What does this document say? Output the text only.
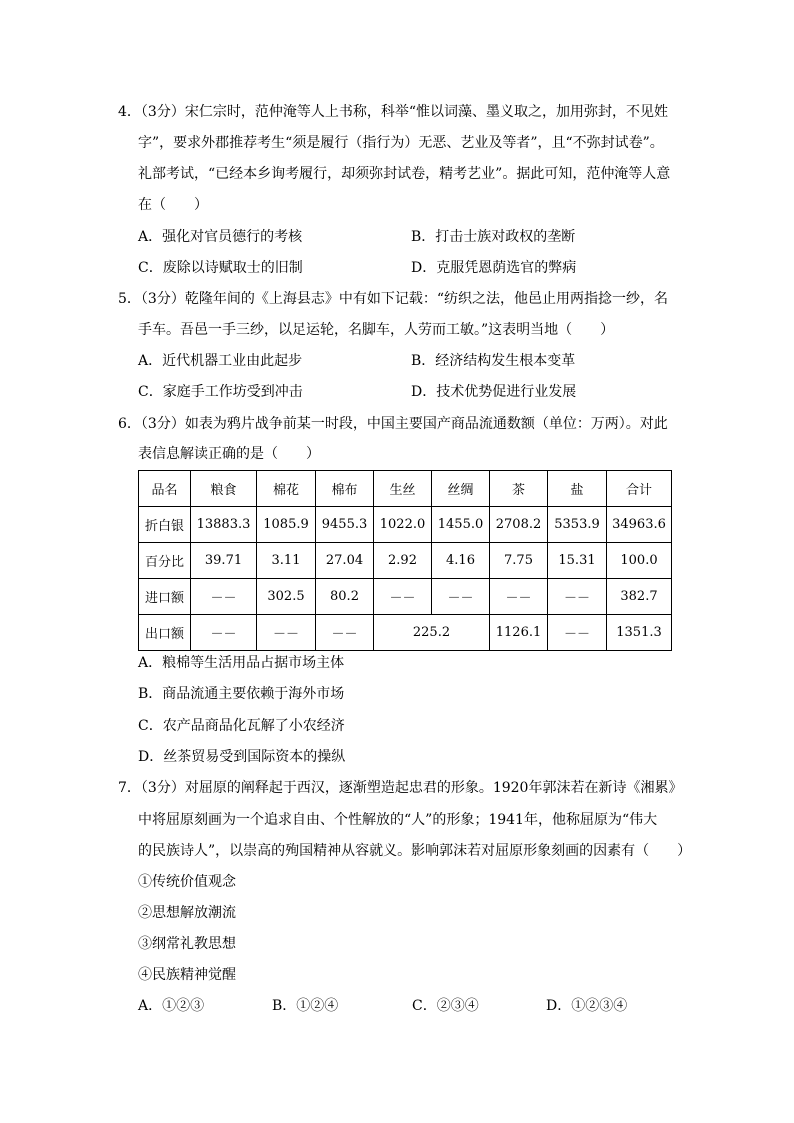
4．（3分）宋仁宗时，范仲淹等人上书称，科举“惟以词藻、墨义取之，加用弥封，不见姓
字”，要求外郡推荐考生“须是履行（指行为）无恶、艺业及等者”，且“不弥封试卷”。
礼部考试，“已经本乡询考履行，却须弥封试卷，精考艺业”。据此可知，范仲淹等人意
在（　　）
A．强化对官员德行的考核	B．打击士族对政权的垄断
C．废除以诗赋取士的旧制	D．克服凭恩荫选官的弊病
5．（3分）乾隆年间的《上海县志》中有如下记载：“纺织之法，他邑止用两指捻一纱，名
手车。吾邑一手三纱，以足运轮，名脚车，人劳而工敏。”这表明当地（　　）
A．近代机器工业由此起步	B．经济结构发生根本变革
C．家庭手工作坊受到冲击	D．技术优势促进行业发展
6．（3分）如表为鸦片战争前某一时段，中国主要国产商品流通数额（单位：万两）。对此
表信息解读正确的是（　　）
品名	粮食	棉花	棉布	生丝	丝绸	茶	盐	合计
折白银	13883.3	1085.9	9455.3	1022.0	1455.0	2708.2	5353.9	34963.6
百分比	39.71	3.11	27.04	2.92	4.16	7.75	15.31	100.0
进口额	－－	302.5	80.2	－－	－－	－－	－－	382.7
出口额	－－	－－	－－	225.2		1126.1	－－	1351.3
A．粮棉等生活用品占据市场主体
B．商品流通主要依赖于海外市场
C．农产品商品化瓦解了小农经济
D．丝茶贸易受到国际资本的操纵
7．（3分）对屈原的阐释起于西汉，逐渐塑造起忠君的形象。1920年郭沫若在新诗《湘累》
中将屈原刻画为一个追求自由、个性解放的“人”的形象；1941年，他称屈原为“伟大
的民族诗人”，以崇高的殉国精神从容就义。影响郭沫若对屈原形象刻画的因素有（　　）
①传统价值观念
②思想解放潮流
③纲常礼教思想
④民族精神觉醒
A．①②③	B．①②④	C．②③④	D．①②③④
